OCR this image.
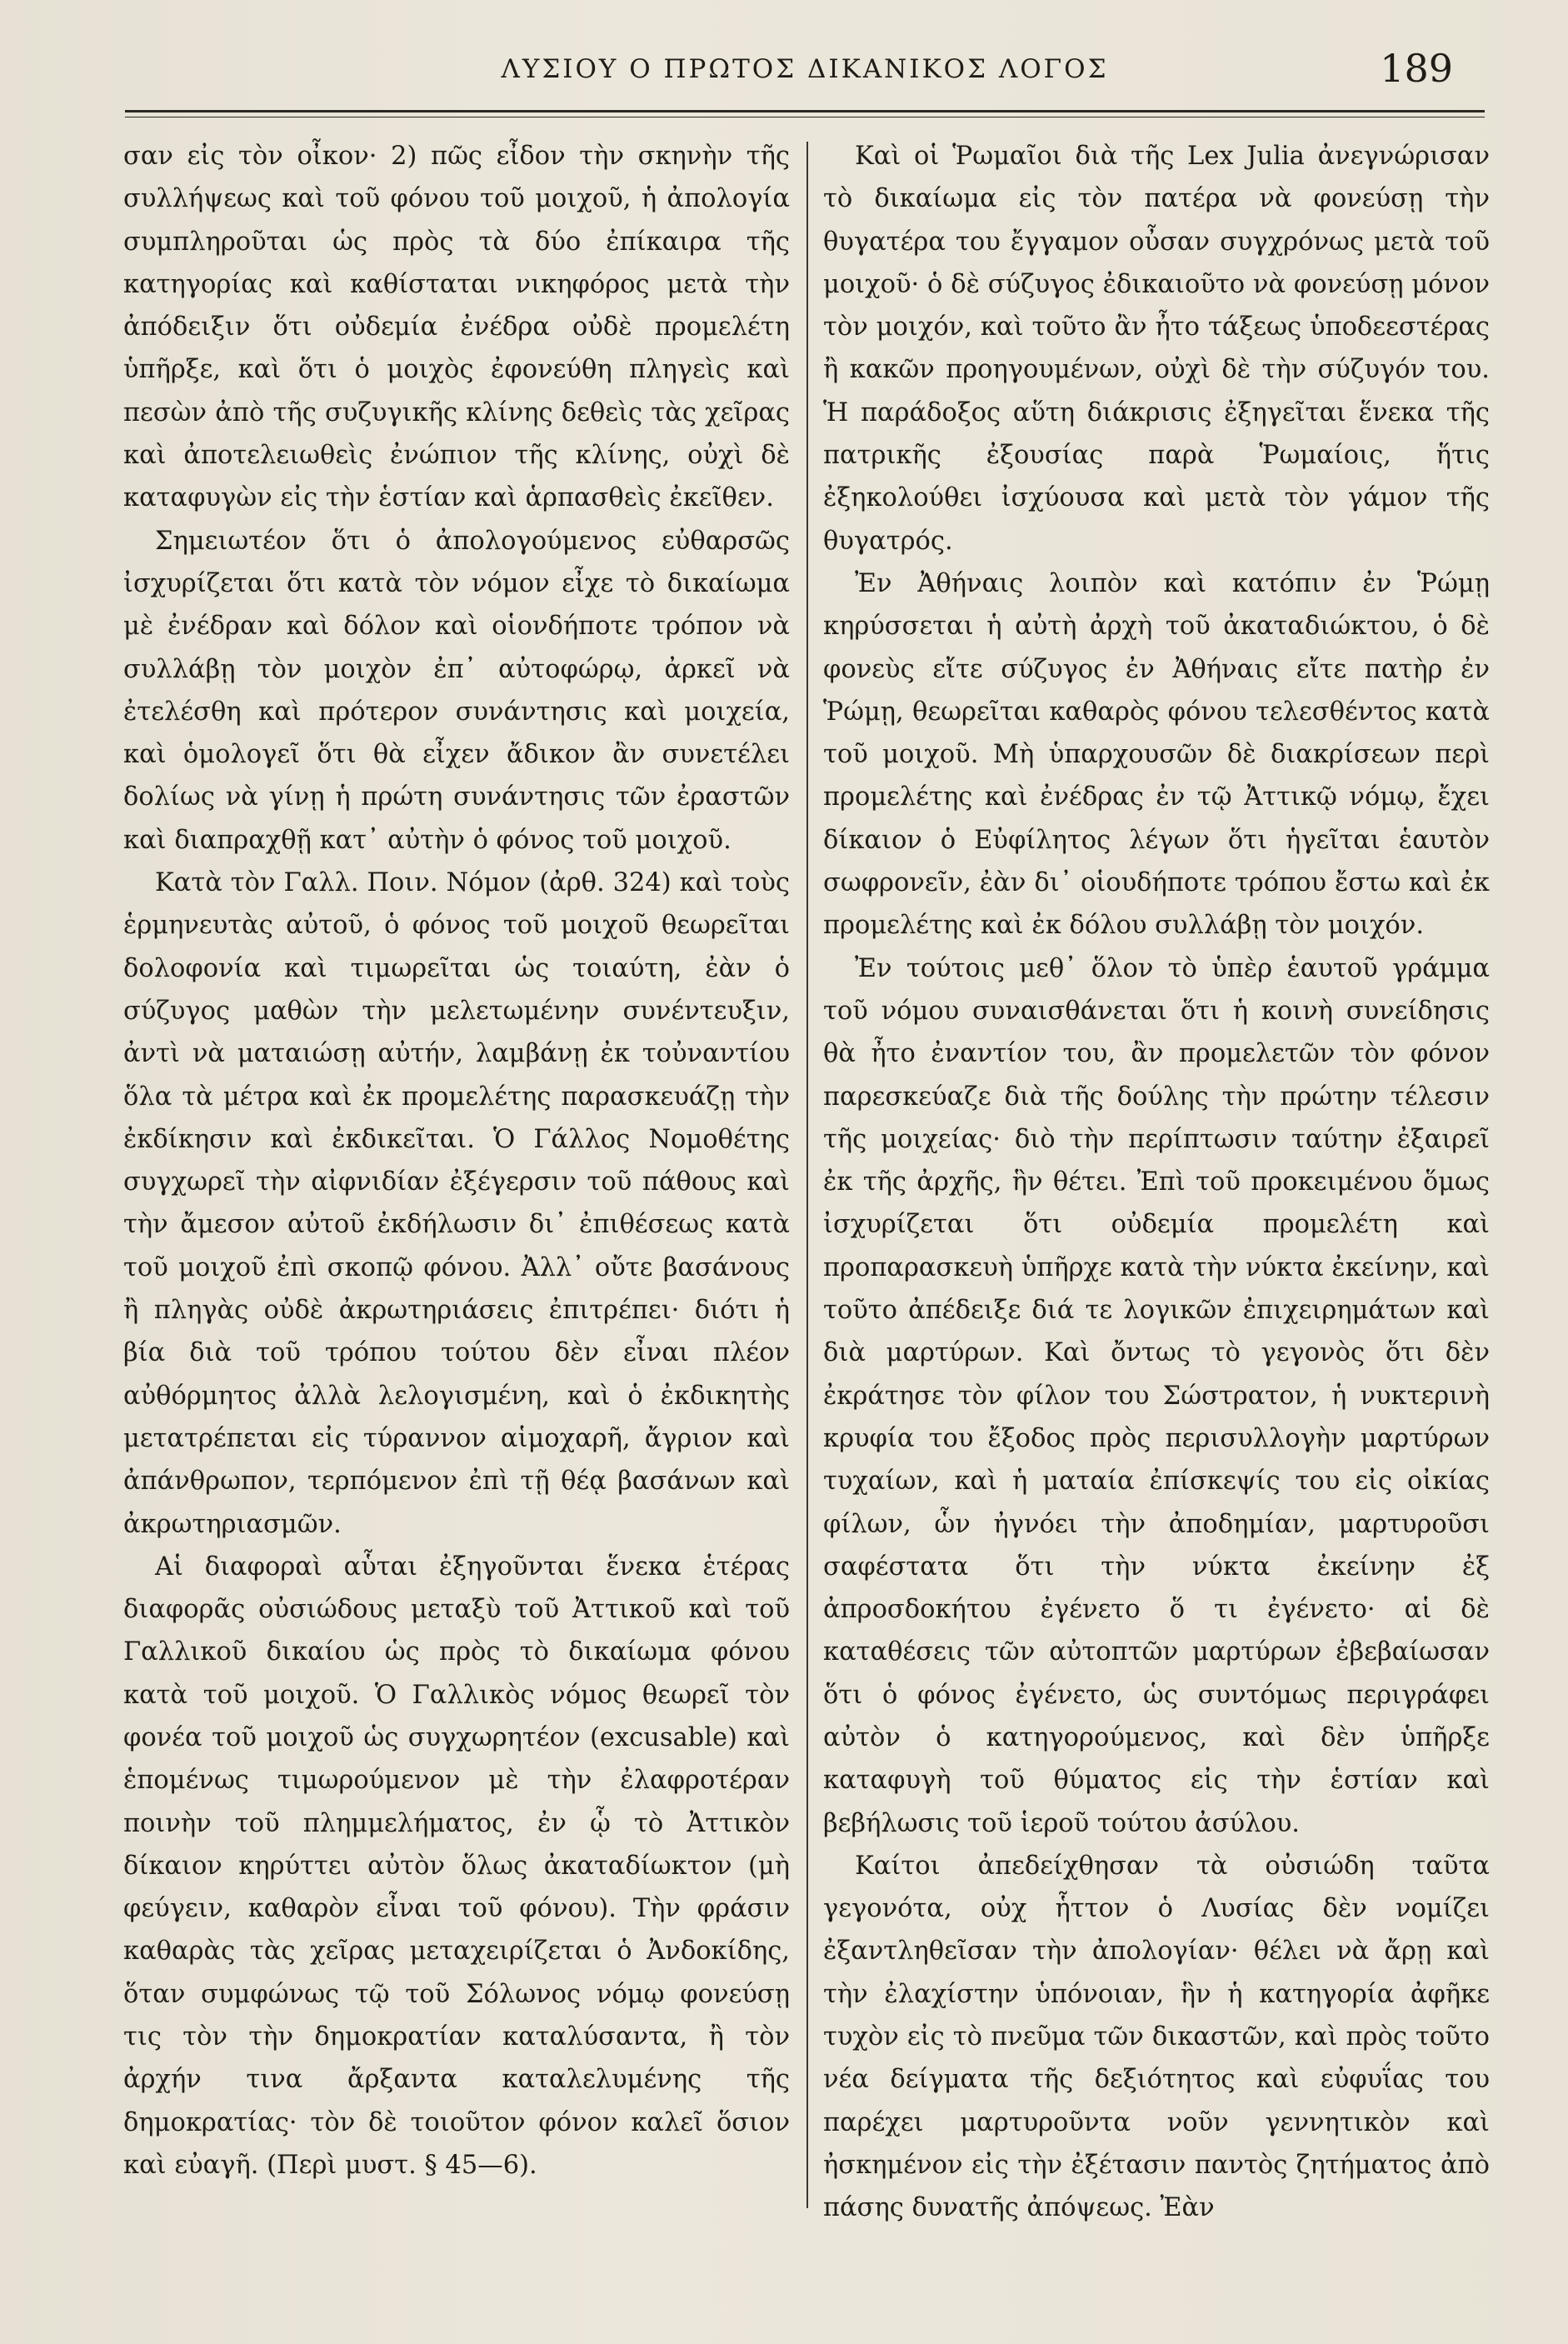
ΛΥΣΙΟΥ Ο ΠΡΩΤΟΣ ΔΙΚΑΝΙΚΟΣ ΛΟΓΟΣ	189

σαν εἰς τὸν οἶκον· 2) πῶς εἶδον τὴν σκηνὴν τῆς συλλήψεως καὶ τοῦ φόνου τοῦ μοιχοῦ, ἡ ἀπολογία συμπληροῦται ὡς πρὸς τὰ δύο ἐπίκαιρα τῆς κατηγορίας καὶ καθίσταται νικηφόρος μετὰ τὴν ἀπόδειξιν ὅτι οὐδεμία ἐνέδρα οὐδὲ προμελέτη ὑπῆρξε, καὶ ὅτι ὁ μοιχὸς ἐφονεύθη πληγεὶς καὶ πεσὼν ἀπὸ τῆς συζυγικῆς κλίνης δεθεὶς τὰς χεῖρας καὶ ἀποτελειωθεὶς ἐνώπιον τῆς κλίνης, οὐχὶ δὲ καταφυγὼν εἰς τὴν ἑστίαν καὶ ἁρπασθεὶς ἐκεῖθεν.

Σημειωτέον ὅτι ὁ ἀπολογούμενος εὐθαρσῶς ἰσχυρίζεται ὅτι κατὰ τὸν νόμον εἶχε τὸ δικαίωμα μὲ ἐνέδραν καὶ δόλον καὶ οἱονδήποτε τρόπον νὰ συλλάβῃ τὸν μοιχὸν ἐπ᾽ αὐτοφώρῳ, ἀρκεῖ νὰ ἐτελέσθη καὶ πρότερον συνάντησις καὶ μοιχεία, καὶ ὁμολογεῖ ὅτι θὰ εἶχεν ἄδικον ἂν συνετέλει δολίως νὰ γίνῃ ἡ πρώτη συνάντησις τῶν ἐραστῶν καὶ διαπραχθῇ κατ᾽ αὐτὴν ὁ φόνος τοῦ μοιχοῦ.

Κατὰ τὸν Γαλλ. Ποιν. Νόμον (ἀρθ. 324) καὶ τοὺς ἑρμηνευτὰς αὐτοῦ, ὁ φόνος τοῦ μοιχοῦ θεωρεῖται δολοφονία καὶ τιμωρεῖται ὡς τοιαύτη, ἐὰν ὁ σύζυγος μαθὼν τὴν μελετωμένην συνέντευξιν, ἀντὶ νὰ ματαιώσῃ αὐτήν, λαμβάνῃ ἐκ τοὐναντίου ὅλα τὰ μέτρα καὶ ἐκ προμελέτης παρασκευάζῃ τὴν ἐκδίκησιν καὶ ἐκδικεῖται. Ὁ Γάλλος Νομοθέτης συγχωρεῖ τὴν αἰφνιδίαν ἐξέγερσιν τοῦ πάθους καὶ τὴν ἄμεσον αὐτοῦ ἐκδήλωσιν δι᾽ ἐπιθέσεως κατὰ τοῦ μοιχοῦ ἐπὶ σκοπῷ φόνου. Ἀλλ᾽ οὔτε βασάνους ἢ πληγὰς οὐδὲ ἀκρωτηριάσεις ἐπιτρέπει· διότι ἡ βία διὰ τοῦ τρόπου τούτου δὲν εἶναι πλέον αὐθόρμητος ἀλλὰ λελογισμένη, καὶ ὁ ἐκδικητὴς μετατρέπεται εἰς τύραννον αἱμοχαρῆ, ἄγριον καὶ ἀπάνθρωπον, τερπόμενον ἐπὶ τῇ θέᾳ βασάνων καὶ ἀκρωτηριασμῶν.

Αἱ διαφοραὶ αὗται ἐξηγοῦνται ἕνεκα ἑτέρας διαφορᾶς οὐσιώδους μεταξὺ τοῦ Ἀττικοῦ καὶ τοῦ Γαλλικοῦ δικαίου ὡς πρὸς τὸ δικαίωμα φόνου κατὰ τοῦ μοιχοῦ. Ὁ Γαλλικὸς νόμος θεωρεῖ τὸν φονέα τοῦ μοιχοῦ ὡς συγχωρητέον (excusable) καὶ ἑπομένως τιμωρούμενον μὲ τὴν ἐλαφροτέραν ποινὴν τοῦ πλημμελήματος, ἐν ᾧ τὸ Ἀττικὸν δίκαιον κηρύττει αὐτὸν ὅλως ἀκαταδίωκτον (μὴ φεύγειν, καθαρὸν εἶναι τοῦ φόνου). Τὴν φράσιν καθαρὰς τὰς χεῖρας μεταχειρίζεται ὁ Ἀνδοκίδης, ὅταν συμφώνως τῷ τοῦ Σόλωνος νόμῳ φονεύσῃ τις τὸν τὴν δημοκρατίαν καταλύσαντα, ἢ τὸν ἀρχήν τινα ἄρξαντα καταλελυμένης τῆς δημοκρατίας· τὸν δὲ τοιοῦτον φόνον καλεῖ ὅσιον καὶ εὐαγῆ. (Περὶ μυστ. § 45—6).

Καὶ οἱ Ῥωμαῖοι διὰ τῆς Lex Julia ἀνεγνώρισαν τὸ δικαίωμα εἰς τὸν πατέρα νὰ φονεύσῃ τὴν θυγατέρα του ἔγγαμον οὖσαν συγχρόνως μετὰ τοῦ μοιχοῦ· ὁ δὲ σύζυγος ἐδικαιοῦτο νὰ φονεύσῃ μόνον τὸν μοιχόν, καὶ τοῦτο ἂν ἦτο τάξεως ὑποδεεστέρας ἢ κακῶν προηγουμένων, οὐχὶ δὲ τὴν σύζυγόν του. Ἡ παράδοξος αὕτη διάκρισις ἐξηγεῖται ἕνεκα τῆς πατρικῆς ἐξουσίας παρὰ Ῥωμαίοις, ἥτις ἐξηκολούθει ἰσχύουσα καὶ μετὰ τὸν γάμον τῆς θυγατρός.

Ἐν Ἀθήναις λοιπὸν καὶ κατόπιν ἐν Ῥώμῃ κηρύσσεται ἡ αὐτὴ ἀρχὴ τοῦ ἀκαταδιώκτου, ὁ δὲ φονεὺς εἴτε σύζυγος ἐν Ἀθήναις εἴτε πατὴρ ἐν Ῥώμῃ, θεωρεῖται καθαρὸς φόνου τελεσθέντος κατὰ τοῦ μοιχοῦ. Μὴ ὑπαρχουσῶν δὲ διακρίσεων περὶ προμελέτης καὶ ἐνέδρας ἐν τῷ Ἀττικῷ νόμῳ, ἔχει δίκαιον ὁ Εὐφίλητος λέγων ὅτι ἡγεῖται ἑαυτὸν σωφρονεῖν, ἐὰν δι᾽ οἱουδήποτε τρόπου ἔστω καὶ ἐκ προμελέτης καὶ ἐκ δόλου συλλάβῃ τὸν μοιχόν.

Ἐν τούτοις μεθ᾽ ὅλον τὸ ὑπὲρ ἑαυτοῦ γράμμα τοῦ νόμου συναισθάνεται ὅτι ἡ κοινὴ συνείδησις θὰ ἦτο ἐναντίον του, ἂν προμελετῶν τὸν φόνον παρεσκεύαζε διὰ τῆς δούλης τὴν πρώτην τέλεσιν τῆς μοιχείας· διὸ τὴν περίπτωσιν ταύτην ἐξαιρεῖ ἐκ τῆς ἀρχῆς, ἣν θέτει. Ἐπὶ τοῦ προκειμένου ὅμως ἰσχυρίζεται ὅτι οὐδεμία προμελέτη καὶ προπαρασκευὴ ὑπῆρχε κατὰ τὴν νύκτα ἐκείνην, καὶ τοῦτο ἀπέδειξε διά τε λογικῶν ἐπιχειρημάτων καὶ διὰ μαρτύρων. Καὶ ὄντως τὸ γεγονὸς ὅτι δὲν ἐκράτησε τὸν φίλον του Σώστρατον, ἡ νυκτερινὴ κρυφία του ἔξοδος πρὸς περισυλλογὴν μαρτύρων τυχαίων, καὶ ἡ ματαία ἐπίσκεψίς του εἰς οἰκίας φίλων, ὧν ἠγνόει τὴν ἀποδημίαν, μαρτυροῦσι σαφέστατα ὅτι τὴν νύκτα ἐκείνην ἐξ ἀπροσδοκήτου ἐγένετο ὅ τι ἐγένετο· αἱ δὲ καταθέσεις τῶν αὐτοπτῶν μαρτύρων ἐβεβαίωσαν ὅτι ὁ φόνος ἐγένετο, ὡς συντόμως περιγράφει αὐτὸν ὁ κατηγορούμενος, καὶ δὲν ὑπῆρξε καταφυγὴ τοῦ θύματος εἰς τὴν ἑστίαν καὶ βεβήλωσις τοῦ ἱεροῦ τούτου ἀσύλου.

Καίτοι ἀπεδείχθησαν τὰ οὐσιώδη ταῦτα γεγονότα, οὐχ ἧττον ὁ Λυσίας δὲν νομίζει ἐξαντληθεῖσαν τὴν ἀπολογίαν· θέλει νὰ ἄρῃ καὶ τὴν ἐλαχίστην ὑπόνοιαν, ἣν ἡ κατηγορία ἀφῆκε τυχὸν εἰς τὸ πνεῦμα τῶν δικαστῶν, καὶ πρὸς τοῦτο νέα δείγματα τῆς δεξιότητος καὶ εὐφυΐας του παρέχει μαρτυροῦντα νοῦν γεννητικὸν καὶ ἠσκημένον εἰς τὴν ἐξέτασιν παντὸς ζητήματος ἀπὸ πάσης δυνατῆς ἀπόψεως. Ἐὰν
